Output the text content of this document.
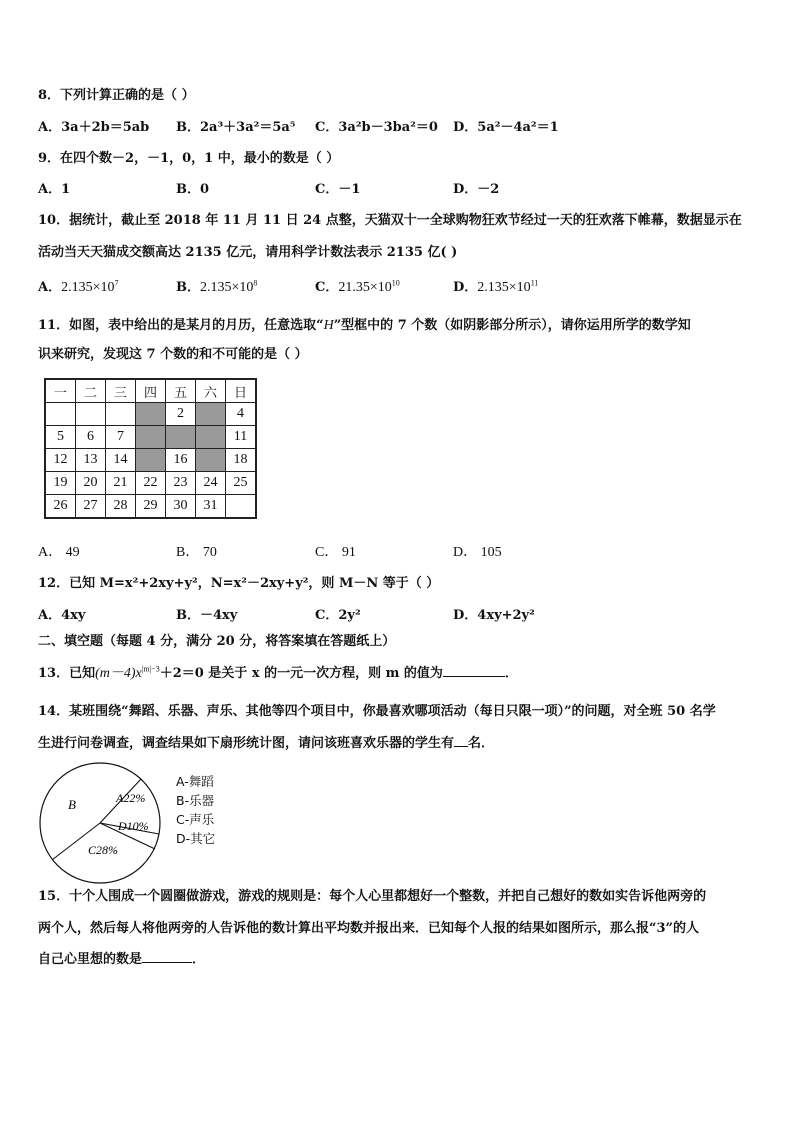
8．下列计算正确的是（ ）
A．3a＋2b＝5ab B．2a³＋3a²＝5a⁵ C．3a²b－3ba²＝0 D．5a²－4a²＝1
9．在四个数－2，－1，0，1 中，最小的数是（ ）
A．1	B．0	C．－1	D．－2
10．据统计，截止至 2018 年 11 月 11 日 24 点整，天猫双十一全球购物狂欢节经过一天的狂欢落下帷幕，数据显示在
活动当天天猫成交额高达 2135 亿元，请用科学计数法表示 2135 亿( )
A．$2.135\times 10^7$	B．$2.135\times 10^8$	C．$21.35\times 10^{10}$	D．$2.135\times 10^{11}$
11．如图，表中给出的是某月的月历，任意选取“H”型框中的 7 个数（如阴影部分所示），请你运用所学的数学知
识来研究，发现这 7 个数的和不可能的是（ ）
一	二	三	四	五	六	日
				2		4
5	6	7				11
12	13	14		16		18
19	20	21	22	23	24	25
26	27	28	29	30	31	
A． 49	B． 70	C． 91	D． 105
12．已知 M=x²+2xy+y²，N=x²－2xy+y²，则 M－N 等于（ ）
A．4xy	B．－4xy	C．2y²	D．4xy+2y²
二、填空题（每题 4 分，满分 20 分，将答案填在答题纸上）
13．已知$(m-4)x^{|m|-3}+2=0$ 是关于 x 的一元一次方程，则 m 的值为	．
14．某班围绕“舞蹈、乐器、声乐、其他等四个项目中，你最喜欢哪项活动（每日只限一项）”的问题，对全班 50 名学
生进行问卷调查，调查结果如下扇形统计图，请问该班喜欢乐器的学生有 名．
B	A22%
D10%
C28%
A-舞蹈
B-乐器
C-声乐
D-其它
15．十个人围成一个圆圈做游戏，游戏的规则是：每个人心里都想好一个整数，并把自己想好的数如实告诉他两旁的
两个人，然后每人将他两旁的人告诉他的数计算出平均数并报出来．已知每个人报的结果如图所示，那么报“3”的人
自己心里想的数是	．
